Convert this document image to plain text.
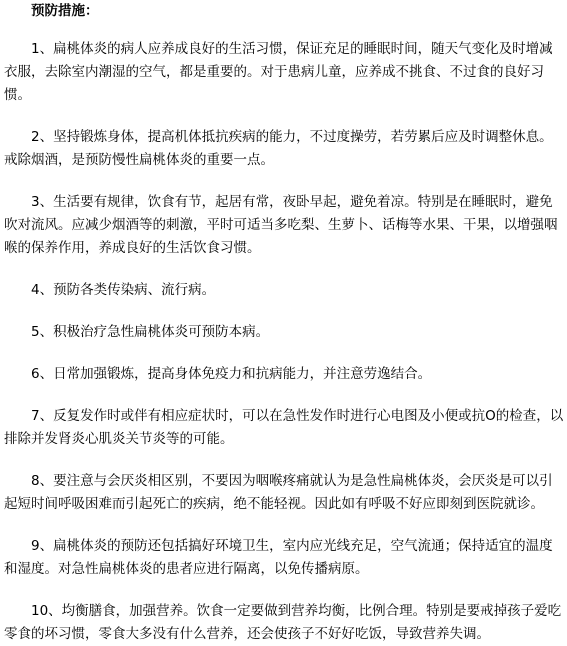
预防措施：

1、扁桃体炎的病人应养成良好的生活习惯，保证充足的睡眠时间，随天气变化及时增减衣服，去除室内潮湿的空气，都是重要的。对于患病儿童，应养成不挑食、不过食的良好习惯。

2、坚持锻炼身体，提高机体抵抗疾病的能力，不过度操劳，若劳累后应及时调整休息。戒除烟酒，是预防慢性扁桃体炎的重要一点。

3、生活要有规律，饮食有节，起居有常，夜卧早起，避免着凉。特别是在睡眠时，避免吹对流风。应减少烟酒等的刺激，平时可适当多吃梨、生萝卜、话梅等水果、干果，以增强咽喉的保养作用，养成良好的生活饮食习惯。

4、预防各类传染病、流行病。

5、积极治疗急性扁桃体炎可预防本病。

6、日常加强锻炼，提高身体免疫力和抗病能力，并注意劳逸结合。

7、反复发作时或伴有相应症状时，可以在急性发作时进行心电图及小便或抗O的检查，以排除并发肾炎心肌炎关节炎等的可能。

8、要注意与会厌炎相区别，不要因为咽喉疼痛就认为是急性扁桃体炎，会厌炎是可以引起短时间呼吸困难而引起死亡的疾病，绝不能轻视。因此如有呼吸不好应即刻到医院就诊。

9、扁桃体炎的预防还包括搞好环境卫生，室内应光线充足，空气流通；保持适宜的温度和湿度。对急性扁桃体炎的患者应进行隔离，以免传播病原。

10、均衡膳食，加强营养。饮食一定要做到营养均衡，比例合理。特别是要戒掉孩子爱吃零食的坏习惯，零食大多没有什么营养，还会使孩子不好好吃饭，导致营养失调。
